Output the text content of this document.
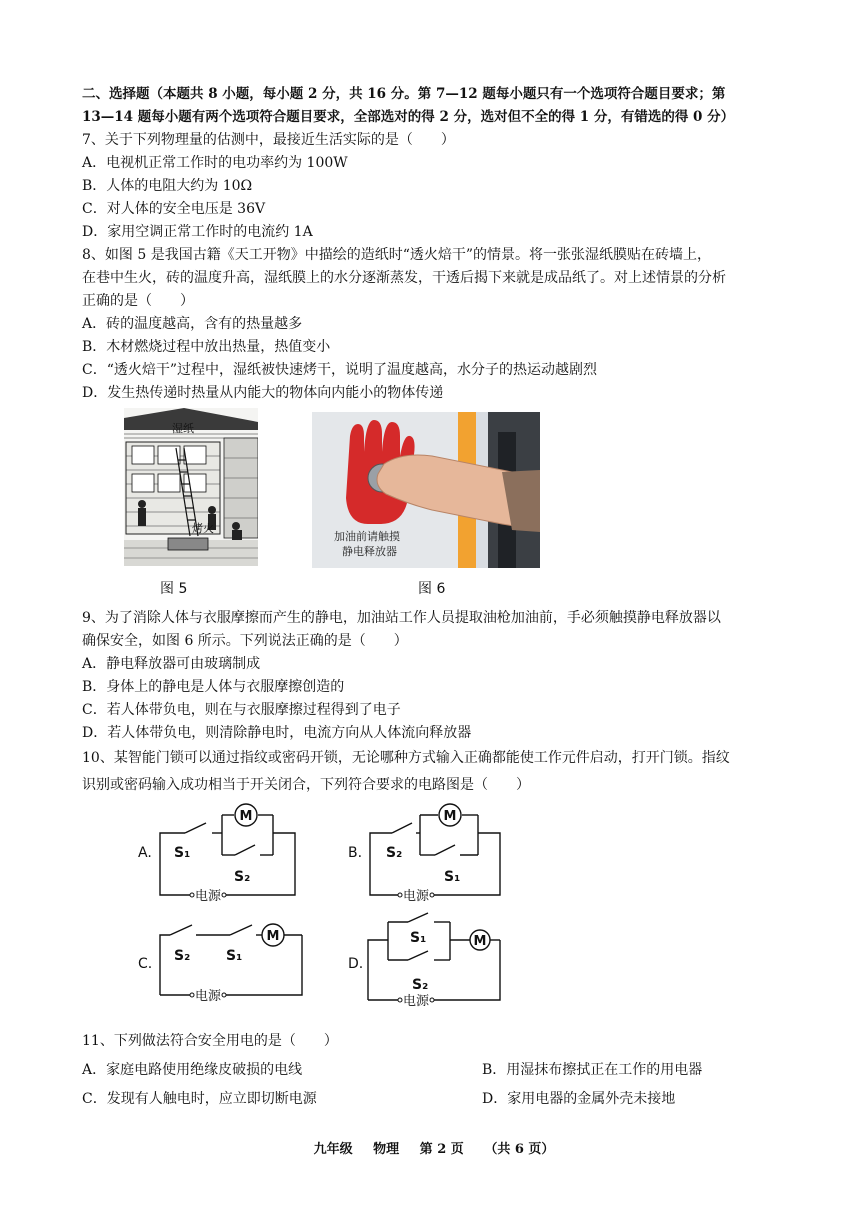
二、选择题（本题共 8 小题，每小题 2 分，共 16 分。第 7—12 题每小题只有一个选项符合题目要求；第
13—14 题每小题有两个选项符合题目要求，全部选对的得 2 分，选对但不全的得 1 分，有错选的得 0 分）
7、关于下列物理量的估测中，最接近生活实际的是（　　）
A．电视机正常工作时的电功率约为 100W
B．人体的电阻大约为 10Ω
C．对人体的安全电压是 36V
D．家用空调正常工作时的电流约 1A
8、如图 5 是我国古籍《天工开物》中描绘的造纸时“透火焙干”的情景。将一张张湿纸膜贴在砖墙上，
在巷中生火，砖的温度升高，湿纸膜上的水分逐渐蒸发，干透后揭下来就是成品纸了。对上述情景的分析
正确的是（　　）
A．砖的温度越高，含有的热量越多
B．木材燃烧过程中放出热量，热值变小
C．“透火焙干”过程中，湿纸被快速烤干，说明了温度越高，水分子的热运动越剧烈
D．发生热传递时热量从内能大的物体向内能小的物体传递
湿纸
烤火
加油前请触摸
静电释放器
图 5	图 6
9、为了消除人体与衣服摩擦而产生的静电，加油站工作人员提取油枪加油前，手必须触摸静电释放器以
确保安全，如图 6 所示。下列说法正确的是（　　）
A．静电释放器可由玻璃制成
B．身体上的静电是人体与衣服摩擦创造的
C．若人体带负电，则在与衣服摩擦过程得到了电子
D．若人体带负电，则清除静电时，电流方向从人体流向释放器
10、某智能门锁可以通过指纹或密码开锁，无论哪种方式输入正确都能使工作元件启动，打开门锁。指纹
识别或密码输入成功相当于开关闭合，下列符合要求的电路图是（　　）
M	M
M	M
A. S₁
S₂
电源
B. S₂
S₁
电源
C. S₂	S₁
电源
D.
S₁
S₂
电源
11、下列做法符合安全用电的是（　　）
A．家庭电路使用绝缘皮破损的电线	B．用湿抹布擦拭正在工作的用电器
C．发现有人触电时，应立即切断电源	D．家用电器的金属外壳未接地
九年级 物理 第 2 页 （共 6 页）
